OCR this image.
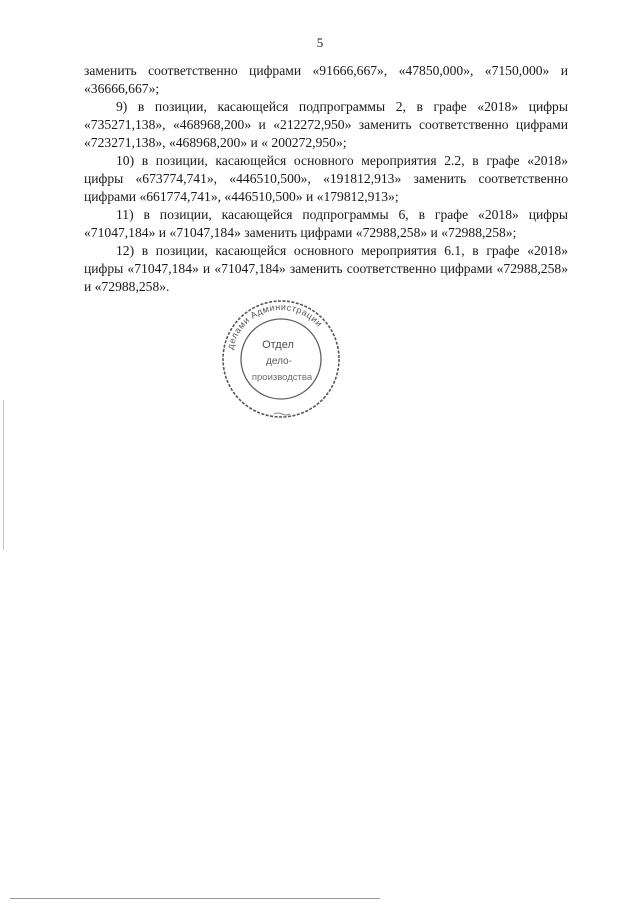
5

заменить соответственно цифрами «91666,667», «47850,000», «7150,000» и «36666,667»;

9) в позиции, касающейся подпрограммы 2, в графе «2018» цифры «735271,138», «468968,200» и «212272,950» заменить соответственно цифрами «723271,138», «468968,200» и « 200272,950»;

10) в позиции, касающейся основного мероприятия 2.2, в графе «2018» цифры «673774,741», «446510,500», «191812,913» заменить соответственно цифрами «661774,741», «446510,500» и «179812,913»;

11) в позиции, касающейся подпрограммы 6, в графе «2018» цифры «71047,184» и «71047,184» заменить цифрами «72988,258» и «72988,258»;

12) в позиции, касающейся основного мероприятия 6.1, в графе «2018» цифры «71047,184» и «71047,184» заменить соответственно цифрами «72988,258» и «72988,258».

делами Администрации
Отдел
дело-
производства
